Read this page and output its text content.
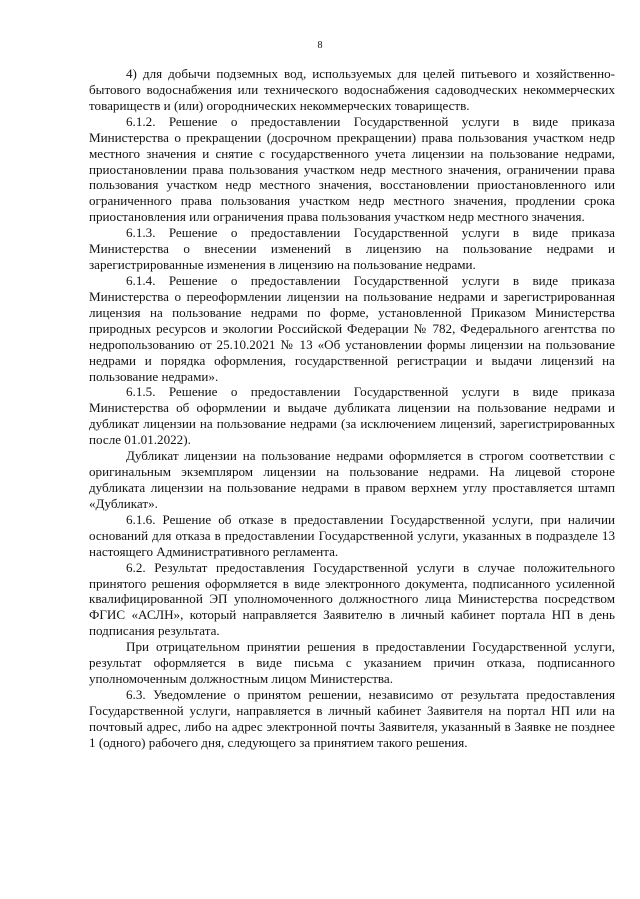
8

4) для добычи подземных вод, используемых для целей питьевого и хозяйственно-бытового водоснабжения или технического водоснабжения садоводческих некоммерческих товариществ и (или) огороднических некоммерческих товариществ.

6.1.2. Решение о предоставлении Государственной услуги в виде приказа Министерства о прекращении (досрочном прекращении) права пользования участком недр местного значения и снятие с государственного учета лицензии на пользование недрами, приостановлении права пользования участком недр местного значения, ограничении права пользования участком недр местного значения, восстановлении приостановленного или ограниченного права пользования участком недр местного значения, продлении срока приостановления или ограничения права пользования участком недр местного значения.

6.1.3. Решение о предоставлении Государственной услуги в виде приказа Министерства о внесении изменений в лицензию на пользование недрами и зарегистрированные изменения в лицензию на пользование недрами.

6.1.4. Решение о предоставлении Государственной услуги в виде приказа Министерства о переоформлении лицензии на пользование недрами и зарегистрированная лицензия на пользование недрами по форме, установленной Приказом Министерства природных ресурсов и экологии Российской Федерации № 782, Федерального агентства по недропользованию от 25.10.2021 № 13 «Об установлении формы лицензии на пользование недрами и порядка оформления, государственной регистрации и выдачи лицензий на пользование недрами».

6.1.5. Решение о предоставлении Государственной услуги в виде приказа Министерства об оформлении и выдаче дубликата лицензии на пользование недрами и дубликат лицензии на пользование недрами (за исключением лицензий, зарегистрированных после 01.01.2022).

Дубликат лицензии на пользование недрами оформляется в строгом соответствии с оригинальным экземпляром лицензии на пользование недрами. На лицевой стороне дубликата лицензии на пользование недрами в правом верхнем углу проставляется штамп «Дубликат».

6.1.6. Решение об отказе в предоставлении Государственной услуги, при наличии оснований для отказа в предоставлении Государственной услуги, указанных в подразделе 13 настоящего Административного регламента.

6.2. Результат предоставления Государственной услуги в случае положительного принятого решения оформляется в виде электронного документа, подписанного усиленной квалифицированной ЭП уполномоченного должностного лица Министерства посредством ФГИС «АСЛН», который направляется Заявителю в личный кабинет портала НП в день подписания результата.

При отрицательном принятии решения в предоставлении Государственной услуги, результат оформляется в виде письма с указанием причин отказа, подписанного уполномоченным должностным лицом Министерства.

6.3. Уведомление о принятом решении, независимо от результата предоставления Государственной услуги, направляется в личный кабинет Заявителя на портал НП или на почтовый адрес, либо на адрес электронной почты Заявителя, указанный в Заявке не позднее 1 (одного) рабочего дня, следующего за принятием такого решения.
